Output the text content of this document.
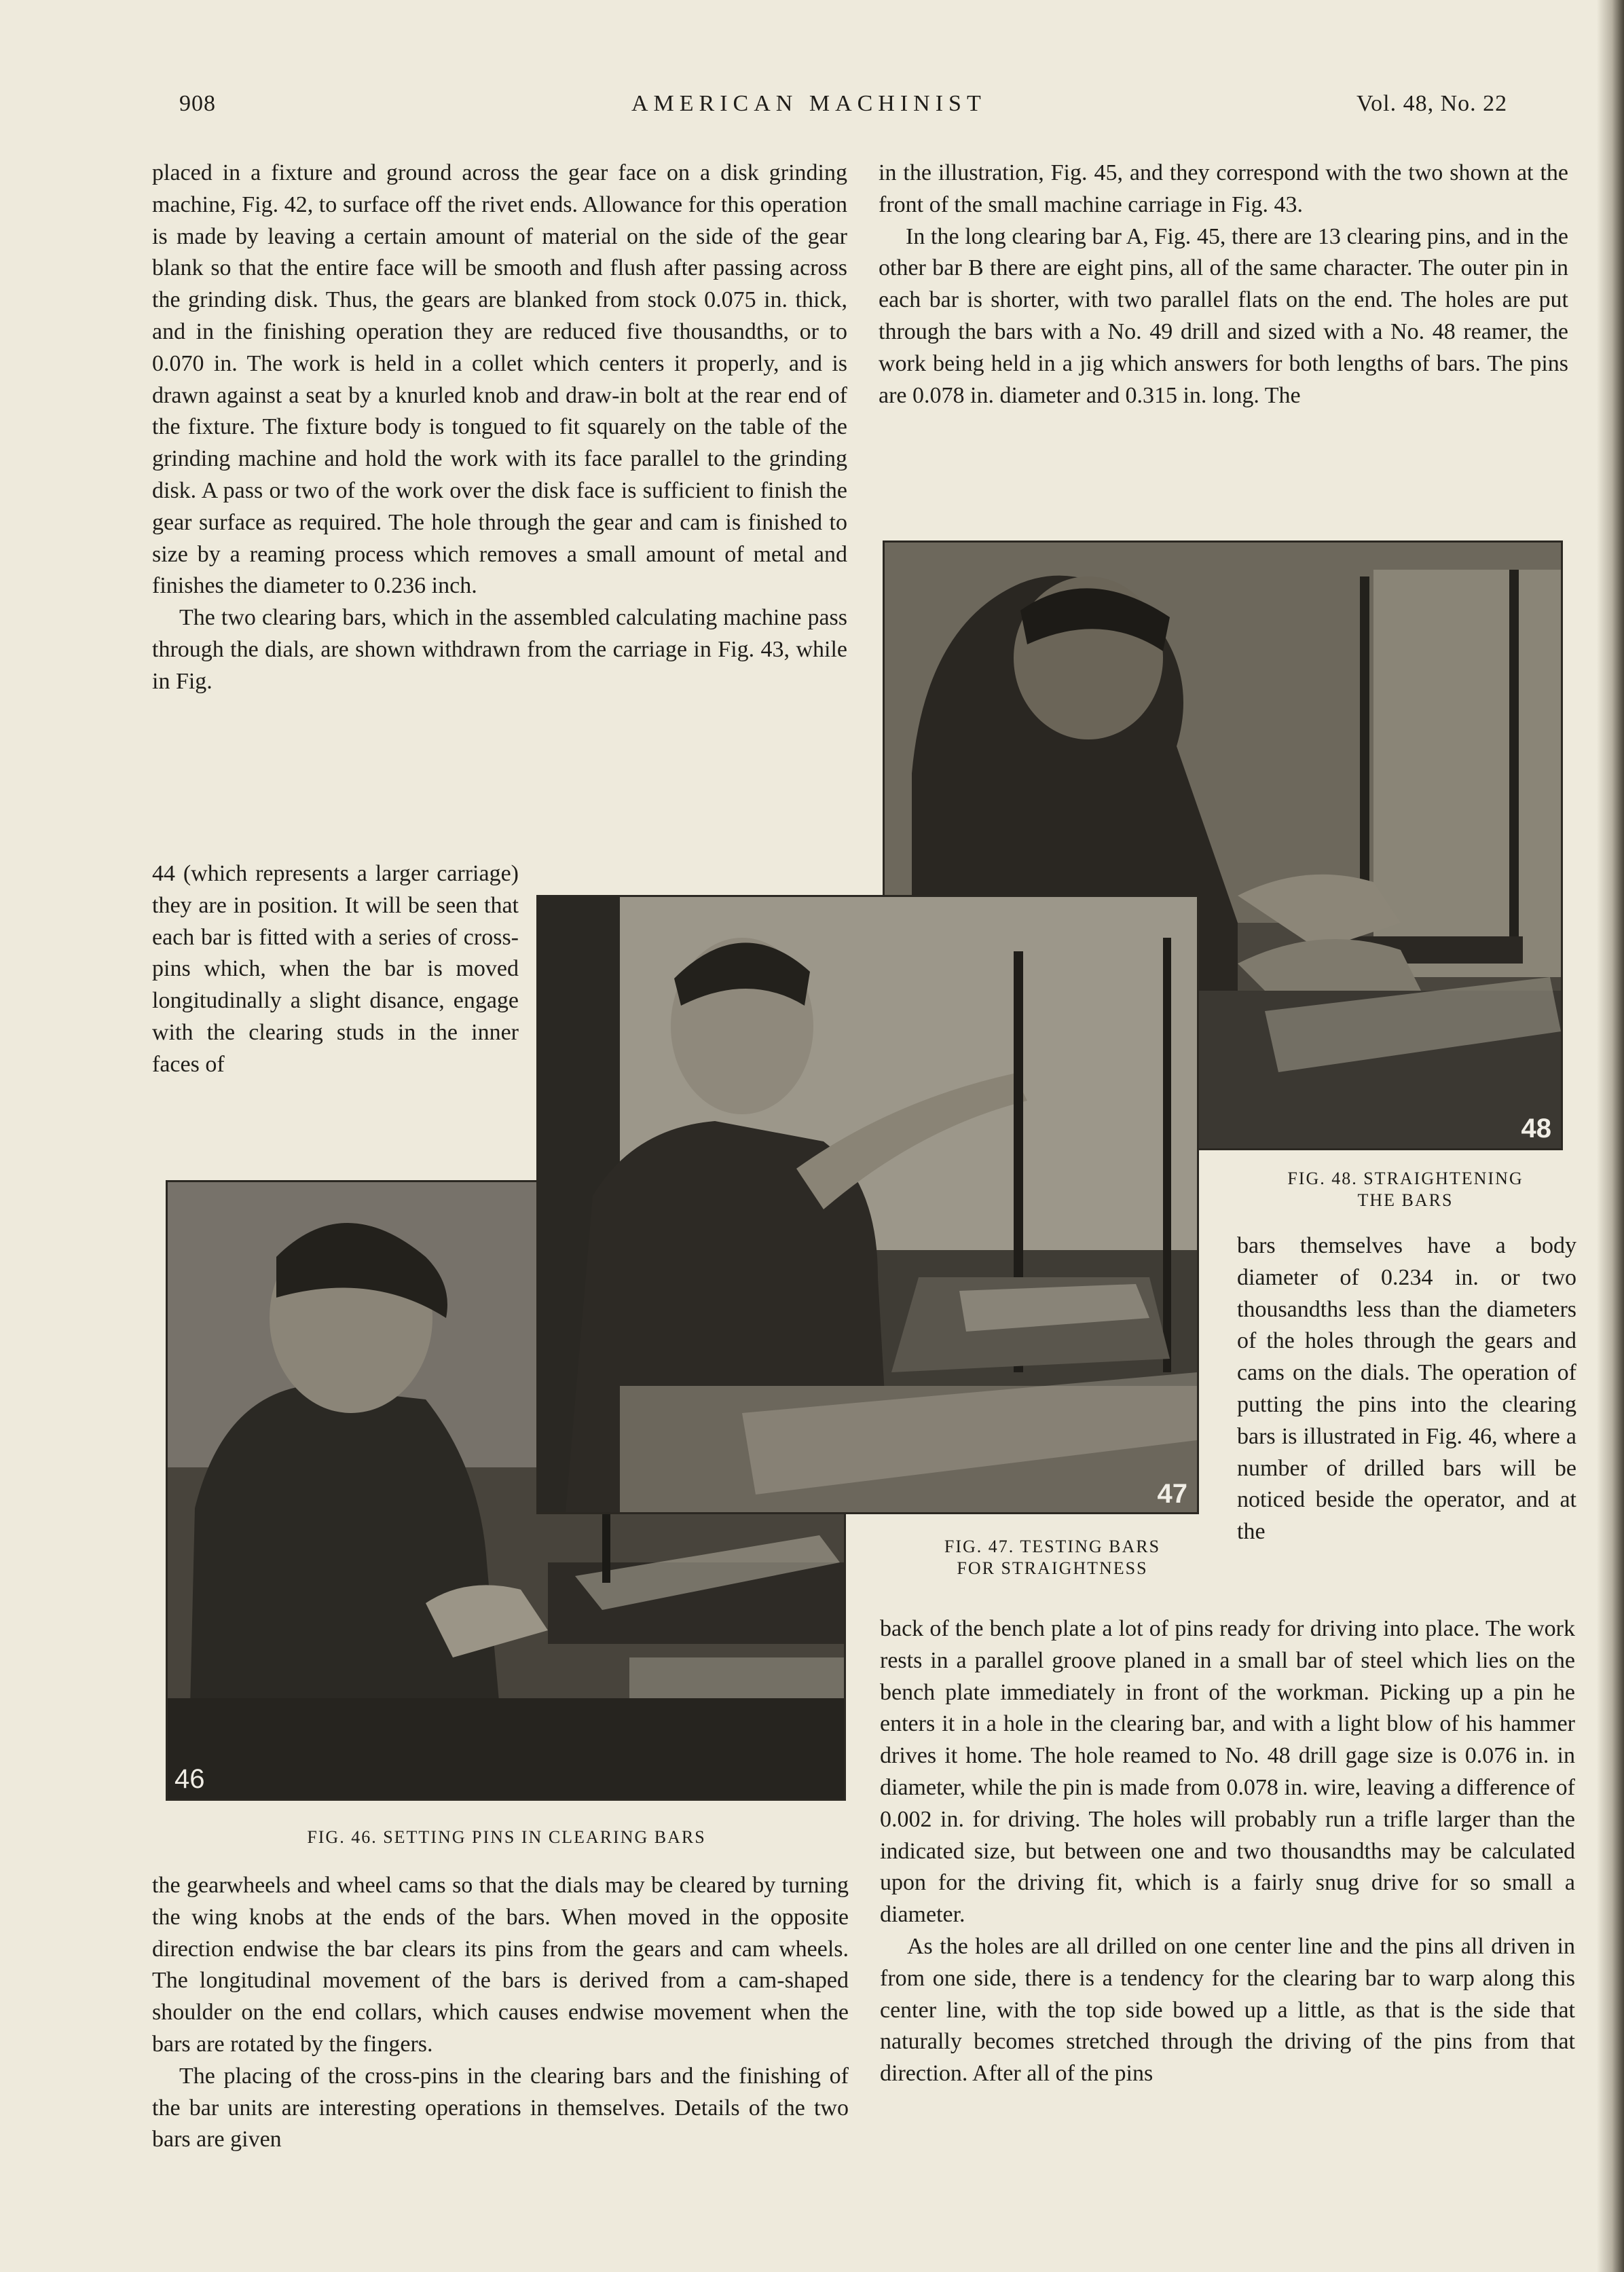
908	AMERICAN MACHINIST	Vol. 48, No. 22

placed in a fixture and ground across the gear face on a disk grinding machine, Fig. 42, to surface off the rivet ends. Allowance for this operation is made by leaving a certain amount of material on the side of the gear blank so that the entire face will be smooth and flush after passing across the grinding disk. Thus, the gears are blanked from stock 0.075 in. thick, and in the finishing operation they are reduced five thousandths, or to 0.070 in. The work is held in a collet which centers it properly, and is drawn against a seat by a knurled knob and draw-in bolt at the rear end of the fixture. The fixture body is tongued to fit squarely on the table of the grinding machine and hold the work with its face parallel to the grinding disk. A pass or two of the work over the disk face is sufficient to finish the gear surface as required. The hole through the gear and cam is finished to size by a reaming process which removes a small amount of metal and finishes the diameter to 0.236 inch.

The two clearing bars, which in the assembled calculating machine pass through the dials, are shown withdrawn from the carriage in Fig. 43, while in Fig.

44 (which represents a larger carriage) they are in position. It will be seen that each bar is fitted with a series of cross-pins which, when the bar is moved longitudinally a slight disance, engage with the clearing studs in the inner faces of

the gearwheels and wheel cams so that the dials may be cleared by turning the wing knobs at the ends of the bars. When moved in the opposite direction endwise the bar clears its pins from the gears and cam wheels. The longitudinal movement of the bars is derived from a cam-shaped shoulder on the end collars, which causes endwise movement when the bars are rotated by the fingers.

The placing of the cross-pins in the clearing bars and the finishing of the bar units are interesting operations in themselves. Details of the two bars are given

in the illustration, Fig. 45, and they correspond with the two shown at the front of the small machine carriage in Fig. 43.

In the long clearing bar A, Fig. 45, there are 13 clearing pins, and in the other bar B there are eight pins, all of the same character. The outer pin in each bar is shorter, with two parallel flats on the end. The holes are put through the bars with a No. 49 drill and sized with a No. 48 reamer, the work being held in a jig which answers for both lengths of bars. The pins are 0.078 in. diameter and 0.315 in. long. The

bars themselves have a body diameter of 0.234 in. or two thousandths less than the diameters of the holes through the gears and cams on the dials. The operation of putting the pins into the clearing bars is illustrated in Fig. 46, where a number of drilled bars will be noticed beside the operator, and at the

back of the bench plate a lot of pins ready for driving into place. The work rests in a parallel groove planed in a small bar of steel which lies on the bench plate immediately in front of the workman. Picking up a pin he enters it in a hole in the clearing bar, and with a light blow of his hammer drives it home. The hole reamed to No. 48 drill gage size is 0.076 in. in diameter, while the pin is made from 0.078 in. wire, leaving a difference of 0.002 in. for driving. The holes will probably run a trifle larger than the indicated size, but between one and two thousandths may be calculated upon for the driving fit, which is a fairly snug drive for so small a diameter.

As the holes are all drilled on one center line and the pins all driven in from one side, there is a tendency for the clearing bar to warp along this center line, with the top side bowed up a little, as that is the side that naturally becomes stretched through the driving of the pins from that direction. After all of the pins

48
46
47
FIG. 46. SETTING PINS IN CLEARING BARS
FIG. 47. TESTING BARS
FOR STRAIGHTNESS
FIG. 48. STRAIGHTENING
THE BARS
